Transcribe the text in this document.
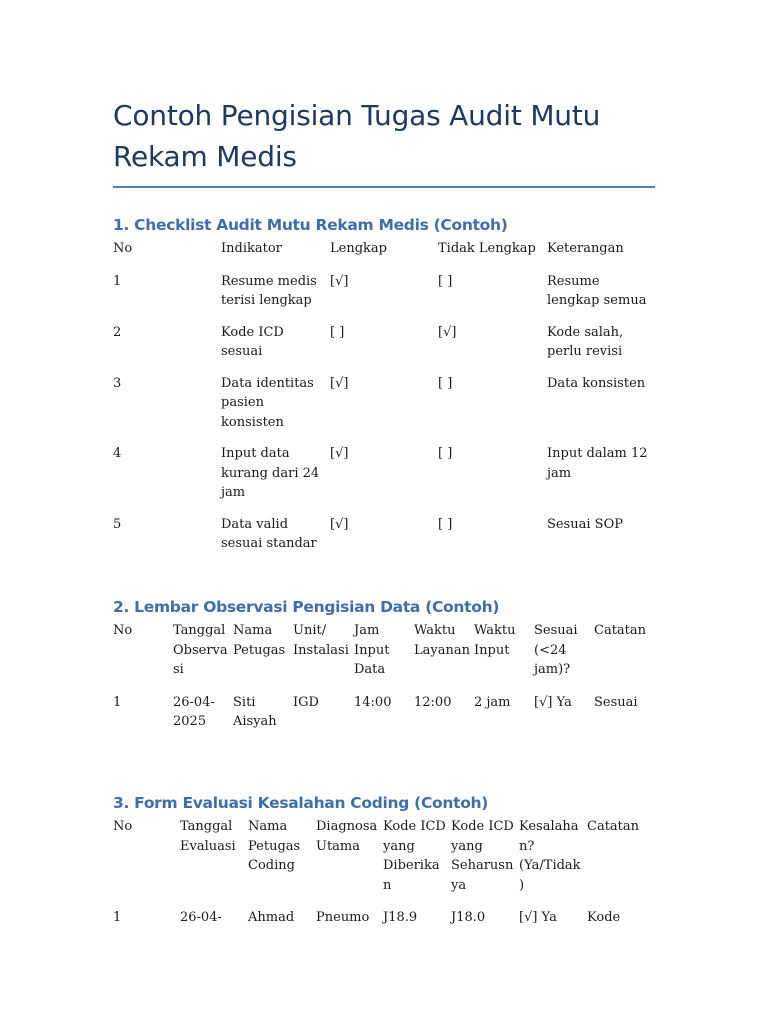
Contoh Pengisian Tugas Audit Mutu Rekam Medis
1. Checklist Audit Mutu Rekam Medis (Contoh)
No	Indikator	Lengkap	Tidak Lengkap	Keterangan
1	Resume medis terisi lengkap	[√]	[ ]	Resume lengkap semua
2	Kode ICD sesuai	[ ]	[√]	Kode salah, perlu revisi
3	Data identitas pasien konsisten	[√]	[ ]	Data konsisten
4	Input data kurang dari 24 jam	[√]	[ ]	Input dalam 12 jam
5	Data valid sesuai standar	[√]	[ ]	Sesuai SOP
2. Lembar Observasi Pengisian Data (Contoh)
No	Tanggal Observasi	Nama Petugas	Unit/ Instalasi	Jam Input Data	Waktu Layanan	Waktu Input	Sesuai (<24 jam)?	Catatan
1	26-04-2025	Siti Aisyah	IGD	14:00	12:00	2 jam	[√] Ya	Sesuai
3. Form Evaluasi Kesalahan Coding (Contoh)
No	Tanggal Evaluasi	Nama Petugas Coding	Diagnosa Utama	Kode ICD yang Diberikan	Kode ICD yang Seharusnya	Kesalahan? (Ya/Tidak)	Catatan
1	26-04-	Ahmad	Pneumo	J18.9	J18.0	[√] Ya	Kode
